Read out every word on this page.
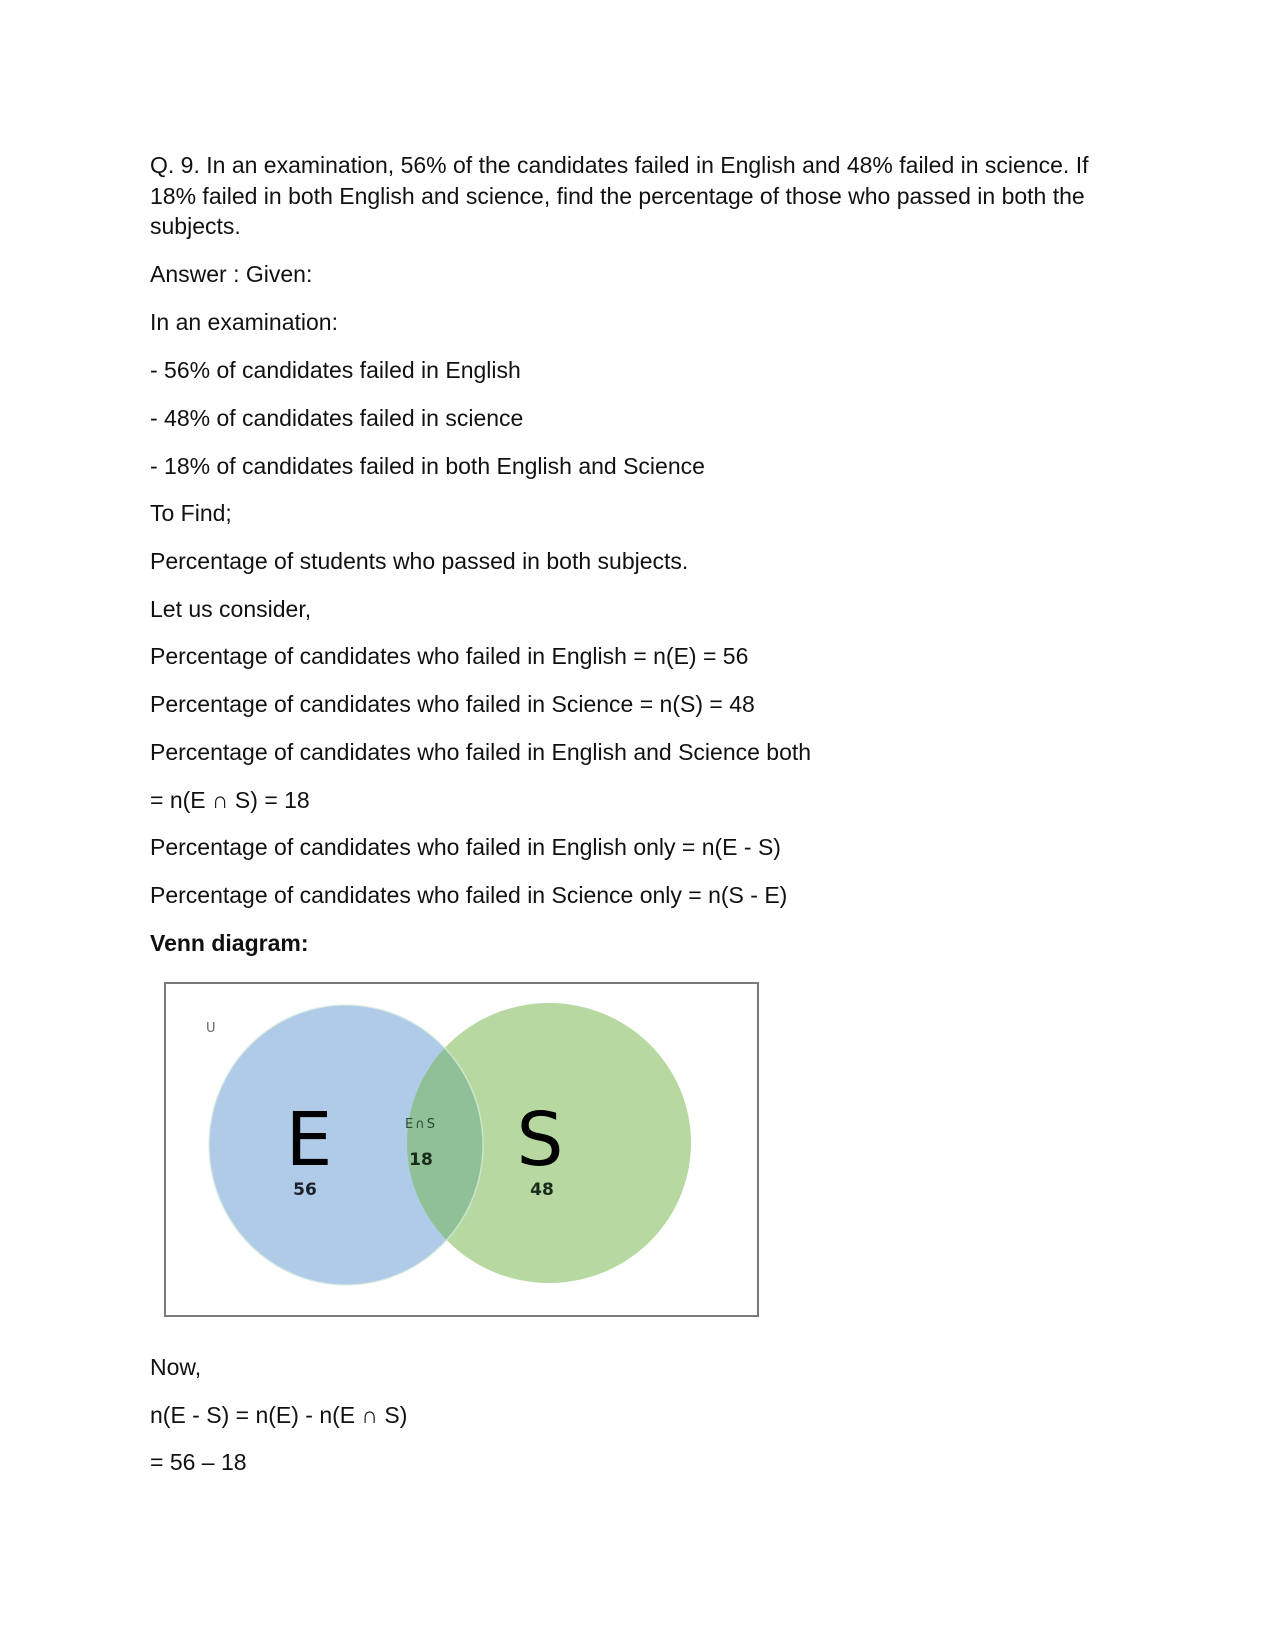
Q. 9. In an examination, 56% of the candidates failed in English and 48% failed in science. If 18% failed in both English and science, find the percentage of those who passed in both the subjects.
Answer : Given:
In an examination:
- 56% of candidates failed in English
- 48% of candidates failed in science
- 18% of candidates failed in both English and Science
To Find;
Percentage of students who passed in both subjects.
Let us consider,
Percentage of candidates who failed in English = n(E) = 56
Percentage of candidates who failed in Science = n(S) = 48
Percentage of candidates who failed in English and Science both
= n(E ∩ S) = 18
Percentage of candidates who failed in English only = n(E - S)
Percentage of candidates who failed in Science only = n(S - E)
Venn diagram:
U
E S
E∩S
18
56	48
Now,
n(E - S) = n(E) - n(E ∩ S)
= 56 – 18
